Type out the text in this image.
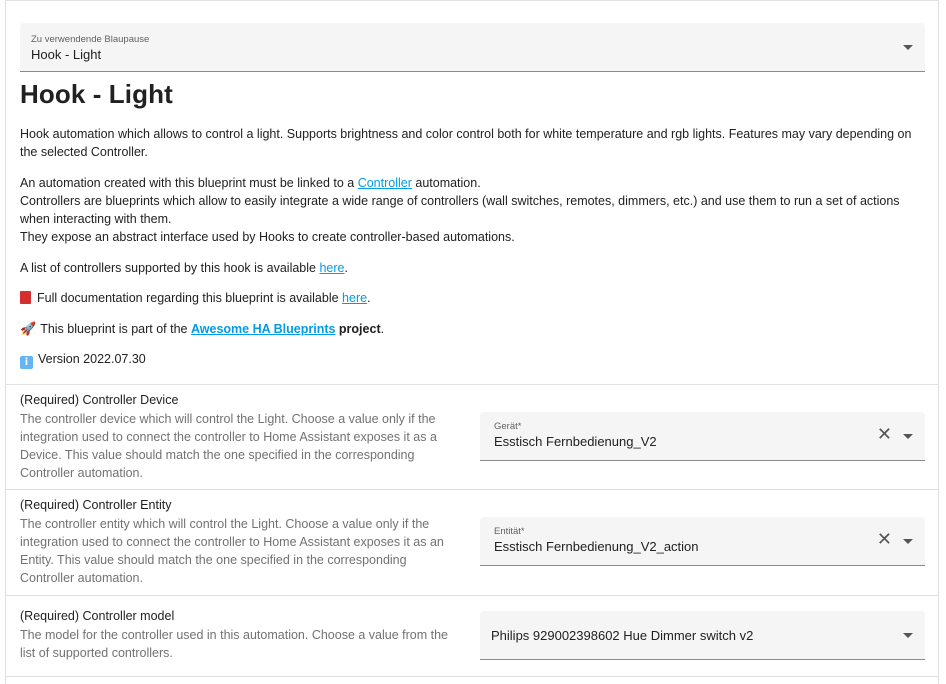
Zu verwendende Blaupause
Hook - Light
Hook - Light

Hook automation which allows to control a light. Supports brightness and color control both for white temperature and rgb lights. Features may vary depending on the selected Controller.

An automation created with this blueprint must be linked to a Controller automation.
Controllers are blueprints which allow to easily integrate a wide range of controllers (wall switches, remotes, dimmers, etc.) and use them to run a set of actions when interacting with them.
They expose an abstract interface used by Hooks to create controller-based automations.

A list of controllers supported by this hook is available here.

Full documentation regarding this blueprint is available here.

🚀 This blueprint is part of the Awesome HA Blueprints project.

i Version 2022.07.30

(Required) Controller Device
The controller device which will control the Light. Choose a value only if the integration used to connect the controller to Home Assistant exposes it as a Device. This value should match the one specified in the corresponding Controller automation.
Gerät*
Esstisch Fernbedienung_V2	✕
(Required) Controller Entity
The controller entity which will control the Light. Choose a value only if the integration used to connect the controller to Home Assistant exposes it as an Entity. This value should match the one specified in the corresponding Controller automation.
Entität*
Esstisch Fernbedienung_V2_action	✕
(Required) Controller model
The model for the controller used in this automation. Choose a value from the list of supported controllers.
Philips 929002398602 Hue Dimmer switch v2
